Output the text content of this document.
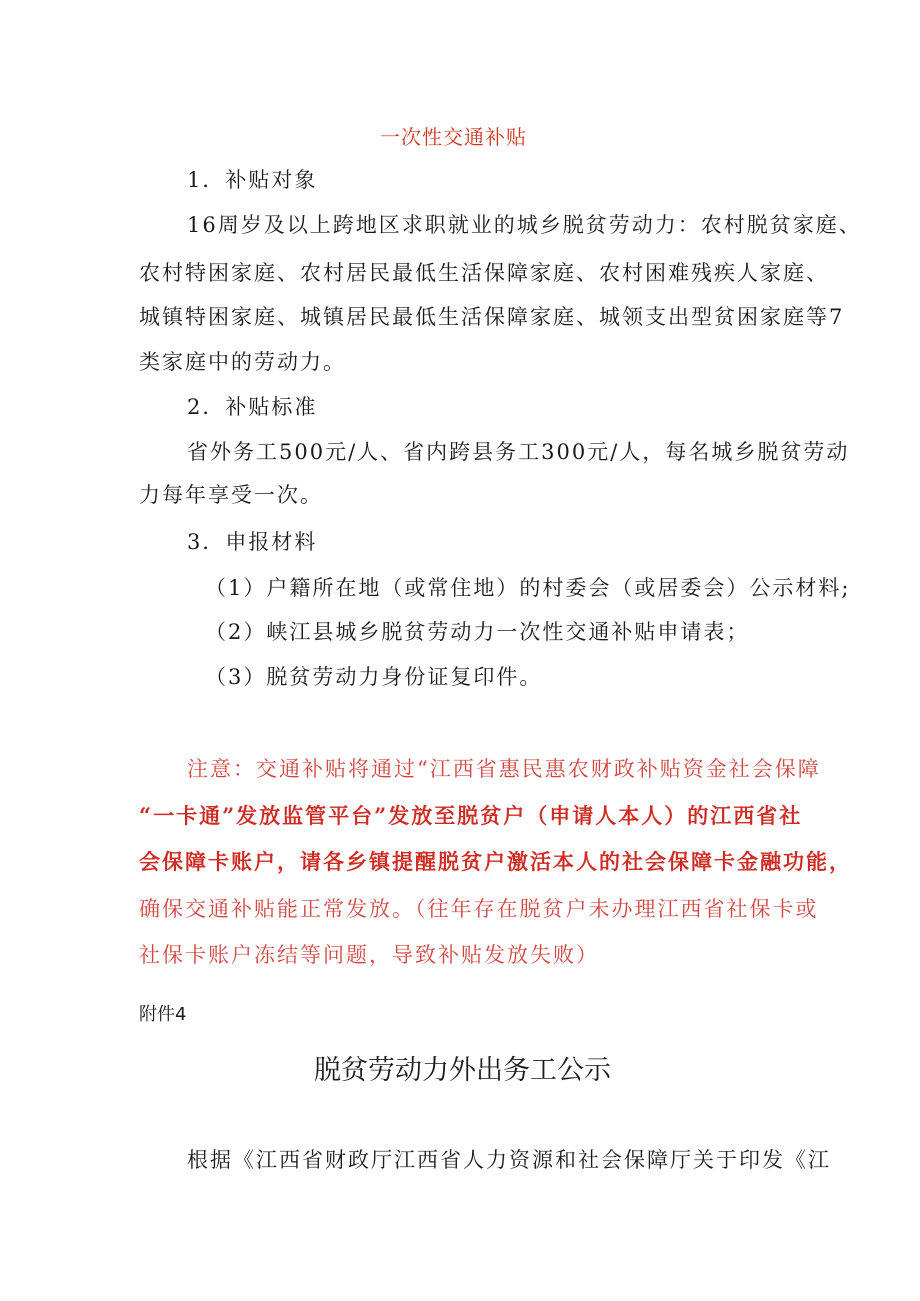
一次性交通补贴
1．补贴对象
16周岁及以上跨地区求职就业的城乡脱贫劳动力：农村脱贫家庭、
农村特困家庭、农村居民最低生活保障家庭、农村困难残疾人家庭、
城镇特困家庭、城镇居民最低生活保障家庭、城领支出型贫困家庭等7
类家庭中的劳动力。
2．补贴标准
省外务工500元/人、省内跨县务工300元/人，每名城乡脱贫劳动
力每年享受一次。
3．申报材料
（1）户籍所在地（或常住地）的村委会（或居委会）公示材料;
（2）峡江县城乡脱贫劳动力一次性交通补贴申请表；
（3）脱贫劳动力身份证复印件。
注意：交通补贴将通过“江西省惠民惠农财政补贴资金社会保障
“一卡通”发放监管平台”发放至脱贫户（申请人本人）的江西省社
会保障卡账户，请各乡镇提醒脱贫户激活本人的社会保障卡金融功能，
确保交通补贴能正常发放。（往年存在脱贫户未办理江西省社保卡或
社保卡账户冻结等问题，导致补贴发放失败）
附件4
脱贫劳动力外出务工公示
根据《江西省财政厅江西省人力资源和社会保障厅关于印发《江
